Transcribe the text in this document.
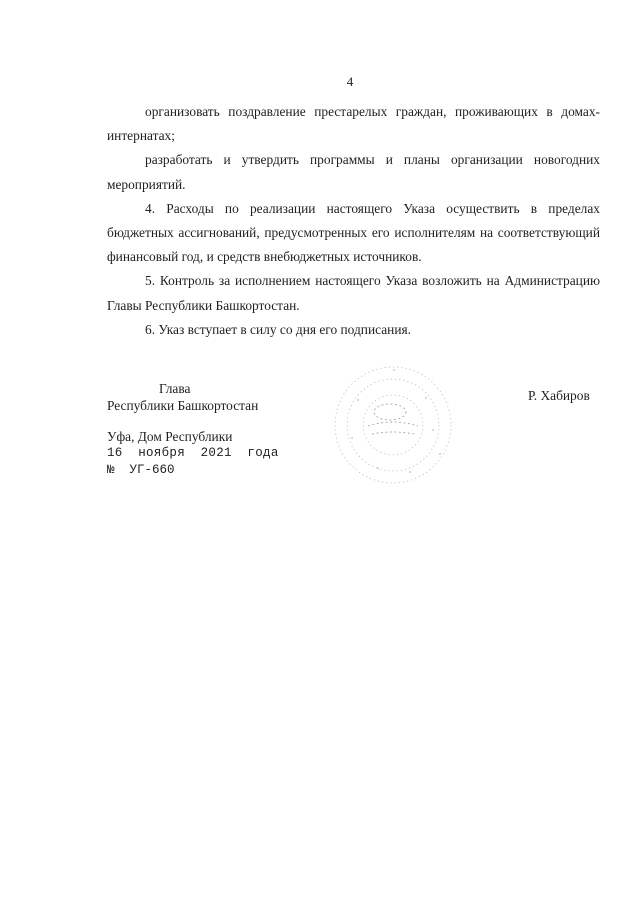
4

организовать поздравление престарелых граждан, проживающих в домах-интернатах;

разработать и утвердить программы и планы организации новогодних мероприятий.

4. Расходы по реализации настоящего Указа осуществить в пределах бюджетных ассигнований, предусмотренных его исполнителям на соответствующий финансовый год, и средств внебюджетных источников.

5. Контроль за исполнением настоящего Указа возложить на Администрацию Главы Республики Башкортостан.

6. Указ вступает в силу со дня его подписания.

Глава
Республики Башкортостан
Р. Хабиров
Уфа, Дом Республики
16  ноября  2021  года
№  УГ-660
